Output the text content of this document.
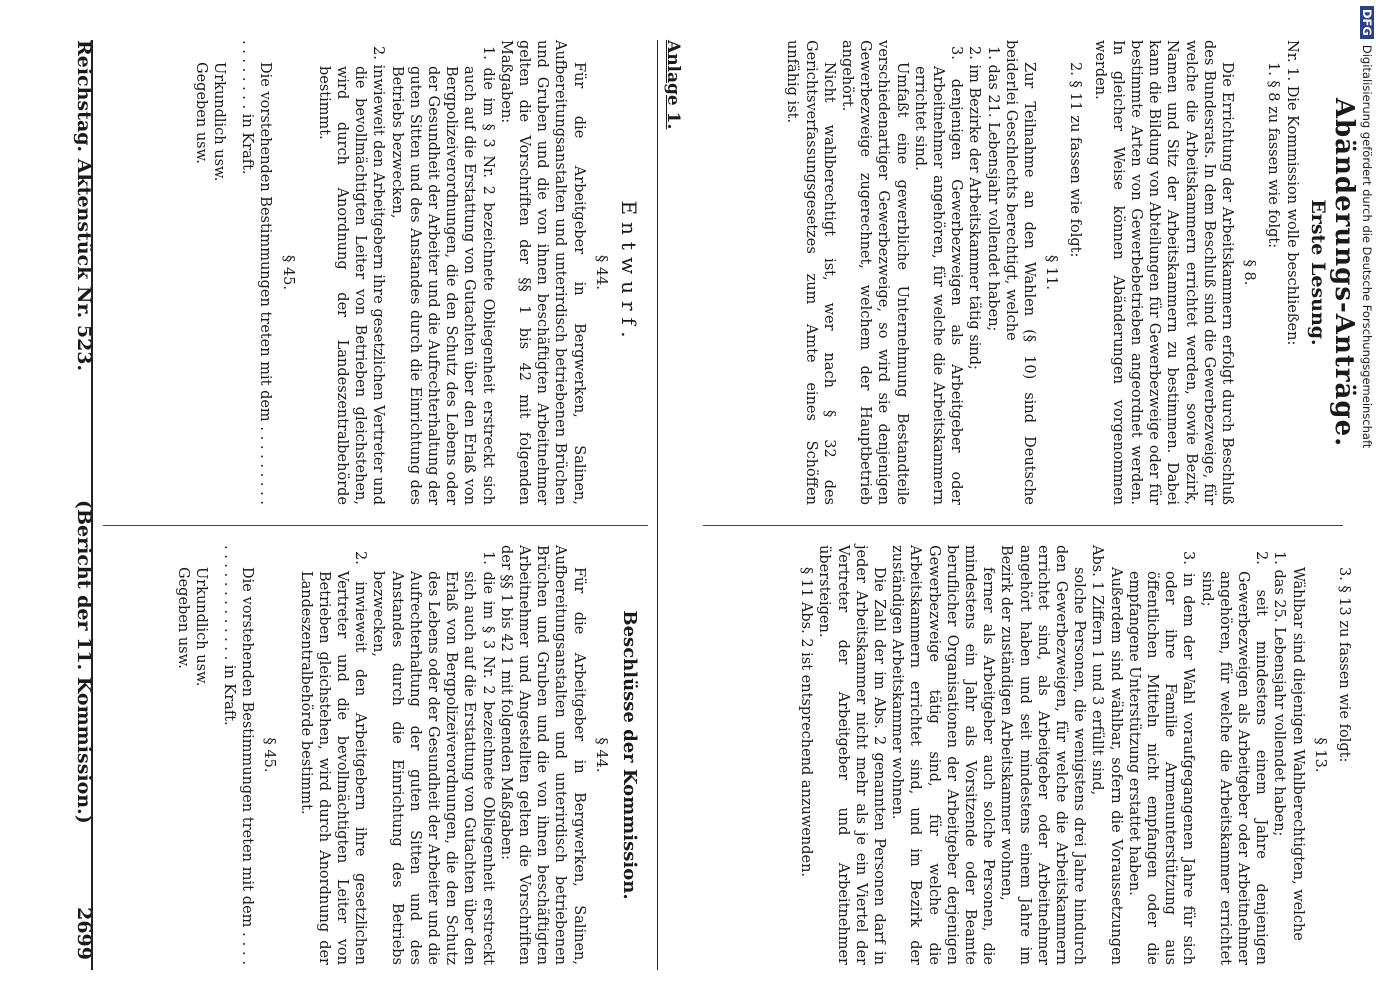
Reichstag. Aktenstück Nr. 523.
(Bericht der 11. Kommission.)
2699
Entwurf.
§ 44.

Für die Arbeitgeber in Bergwerken, Salinen, Aufbereitungsanstalten und unterirdisch betriebenen Brüchen und Gruben und die von ihnen beschäftigten Arbeitnehmer gelten die Vorschriften der §§ 1 bis 42 mit folgenden Maßgaben:

1. die im § 3 Nr. 2 bezeichnete Obliegenheit erstreckt sich auch auf die Erstattung von Gutachten über den Erlaß von Bergpolizeiverordnungen, die den Schutz des Lebens oder der Gesundheit der Arbeiter und die Aufrechterhaltung der guten Sitten und des Anstandes durch die Einrichtung des Betriebs bezwecken,

2. inwieweit den Arbeitgebern ihre gesetzlichen Vertreter und die bevollmächtigten Leiter von Betrieben gleichstehen, wird durch Anordnung der Landeszentralbehörde bestimmt.

§ 45.

Die vorstehenden Bestimmungen treten mit dem . . . . . . . . . . . . . . . . . in Kraft.

Urkundlich usw.

Gegeben usw.

Beschlüsse der Kommission.
§ 44.

Für die Arbeitgeber in Bergwerken, Salinen, Aufbereitungsanstalten und unterirdisch betriebenen Brüchen und Gruben und die von ihnen beschäftigten Arbeitnehmer und Angestellten gelten die Vorschriften der §§ 1 bis 42 1 mit folgenden Maßgaben:

1. die im § 3 Nr. 2 bezeichnete Obliegenheit erstreckt sich auch auf die Erstattung von Gutachten über den Erlaß von Bergpolizeiverordnungen, die den Schutz des Lebens oder der Gesundheit der Arbeiter und die Aufrechterhaltung der guten Sitten und des Anstandes durch die Einrichtung des Betriebs bezwecken,

2. inwieweit den Arbeitgebern ihre gesetzlichen Vertreter und die bevollmächtigten Leiter von Betrieben gleichstehen, wird durch Anordnung der Landeszentralbehörde bestimmt.

§ 45.

Die vorstehenden Bestimmungen treten mit dem . . . . . . . . . . . . . . . . . in Kraft.

Urkundlich usw.

Gegeben usw.

Anlage 1.
Abänderungs-Anträge.
Erste Lesung.

Nr. 1. Die Kommission wolle beschließen:

1. § 8 zu fassen wie folgt:

§ 8.

Die Errichtung der Arbeitskammern erfolgt durch Beschluß des Bundesrats. In dem Beschluß sind die Gewerbezweige, für welche die Arbeitskammern errichtet werden, sowie Bezirk, Namen und Sitz der Arbeitskammern zu bestimmen. Dabei kann die Bildung von Abteilungen für Gewerbezweige oder für bestimmte Arten von Gewerbebetrieben angeordnet werden. In gleicher Weise können Abänderungen vorgenommen werden.

2. § 11 zu fassen wie folgt:

§ 11.

Zur Teilnahme an den Wahlen (§ 10) sind Deutsche beiderlei Geschlechts berechtigt, welche

1. das 21. Lebensjahr vollendet haben;

2. im Bezirke der Arbeitskammer tätig sind;

3. denjenigen Gewerbezweigen als Arbeitgeber oder Arbeitnehmer angehören, für welche die Arbeitskammern errichtet sind.

Umfaßt eine gewerbliche Unternehmung Bestandteile verschiedenartiger Gewerbezweige, so wird sie denjenigen Gewerbezweige zugerechnet, welchem der Hauptbetrieb angehört.

Nicht wahlberechtigt ist, wer nach § 32 des Gerichtsverfassungsgesetzes zum Amte eines Schöffen unfähig ist.

3. § 13 zu fassen wie folgt:

§ 13.

Wählbar sind diejenigen Wahlberechtigten, welche

1. das 25. Lebensjahr vollendet haben;

2. seit mindestens einem Jahre denjenigen Gewerbezweigen als Arbeitgeber oder Arbeitnehmer angehören, für welche die Arbeitskammer errichtet sind;

3. in dem der Wahl voraufgegangenen Jahre für sich oder ihre Familie Armenunterstützung aus öffentlichen Mitteln nicht empfangen oder die empfangene Unterstützung erstattet haben.

Außerdem sind wählbar, sofern die Voraussetzungen Abs. 1 Ziffern 1 und 3 erfüllt sind,

solche Personen, die wenigstens drei Jahre hindurch den Gewerbezweigen, für welche die Arbeitskammern errichtet sind, als Arbeitgeber oder Arbeitnehmer angehört haben und seit mindestens einem Jahre im Bezirk der zuständigen Arbeitskammer wohnen,

ferner als Arbeitgeber auch solche Personen, die mindestens ein Jahr als Vorsitzende oder Beamte beruflicher Organisationen der Arbeitgeber derjenigen Gewerbezweige tätig sind, für welche die Arbeitskammern errichtet sind, und im Bezirk der zuständigen Arbeitskammer wohnen.

Die Zahl der im Abs. 2 genannten Personen darf in jeder Arbeitskammer nicht mehr als je ein Viertel der Vertreter der Arbeitgeber und Arbeitnehmer übersteigen.

§ 11 Abs. 2 ist entsprechend anzuwenden.

DFGDigitalisierung gefördert durch die Deutsche Forschungsgemeinschaft
